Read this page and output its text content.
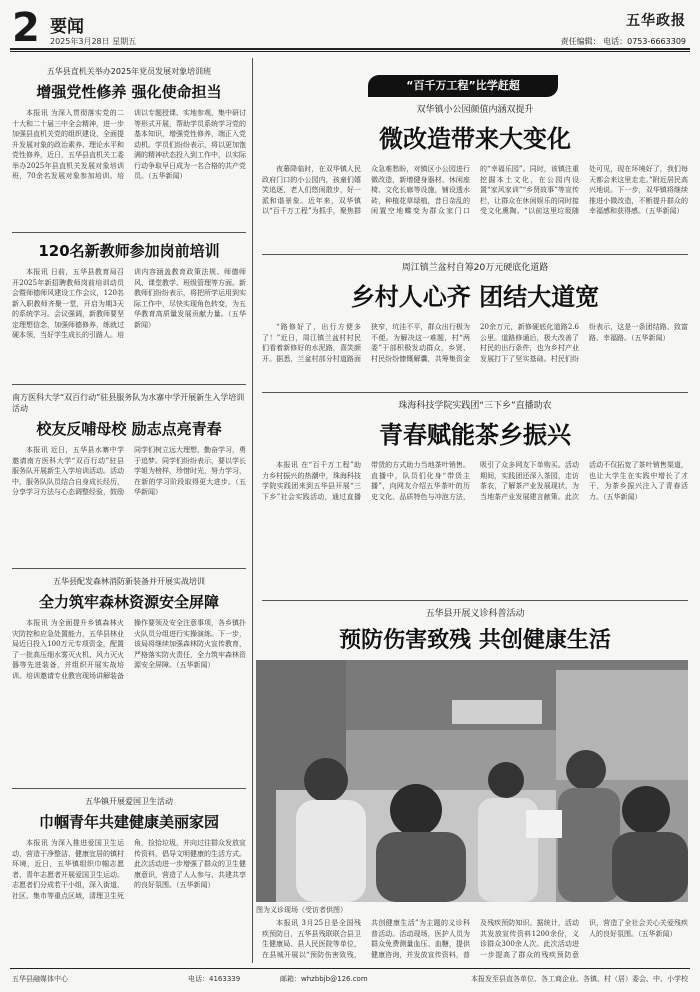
2 要闻
2025年3月28日 星期五
五华政报
责任编辑： 电话：0753-6663309
五华县直机关举办2025年党员发展对象培训班
增强党性修养 强化使命担当

本报讯 为深入贯彻落实党的二十大和二十届三中全会精神，进一步加强县直机关党的组织建设，全面提升发展对象的政治素养、理论水平和党性修养，近日，五华县直机关工委举办2025年县直机关发展对象培训班，70余名发展对象参加培训。培训以专题授课、实地参观、集中研讨等形式开展，帮助学员系统学习党的基本知识，增强党性修养，端正入党动机。学员们纷纷表示，将以更加饱满的精神状态投入到工作中，以实际行动争取早日成为一名合格的共产党员。（五华新闻）

120名新教师参加岗前培训

本报讯 日前，五华县教育局召开2025年新招聘教师岗前培训动员会暨师德师风建设工作会议，120名新入职教师齐聚一堂，开启为期3天的系统学习。会议强调，新教师要坚定理想信念，加强师德修养，练就过硬本领，当好学生成长的引路人。培训内容涵盖教育政策法规、师德师风、课堂教学、班级管理等方面。新教师们纷纷表示，将把所学运用到实际工作中，尽快实现角色转变，为五华教育高质量发展贡献力量。（五华新闻）

南方医科大学“双百行动”驻县服务队为水寨中学开展新生入学培训活动
校友反哺母校 励志点亮青春

本报讯 近日，五华县水寨中学邀请南方医科大学“双百行动”驻县服务队开展新生入学培训活动。活动中，服务队队员结合自身成长经历，分享学习方法与心态调整经验，鼓励同学们树立远大理想，勤奋学习，勇于追梦。同学们纷纷表示，要以学长学姐为榜样，珍惜时光，努力学习，在新的学习阶段取得更大进步。（五华新闻）

五华县配发森林消防新装备并开展实战培训
全力筑牢森林资源安全屏障

本报讯 为全面提升乡镇森林火灾防控和应急处置能力，五华县林业局近日投入100万元专项资金，配置了一批高压细水雾灭火机、风力灭火器等先进装备，并组织开展实战培训。培训邀请专业教官现场讲解装备操作要领及安全注意事项，各乡镇扑火队员分组进行实操演练。下一步，该局将继续加强森林防火宣传教育，严格落实防火责任，全力筑牢森林资源安全屏障。（五华新闻）

五华镇开展爱国卫生活动
巾帼青年共建健康美丽家园

本报讯 为深入推进爱国卫生运动，营造干净整洁、健康宜居的镇村环境，近日，五华镇组织巾帼志愿者、青年志愿者开展爱国卫生运动。志愿者们分成若干小组，深入街道、社区、集市等重点区域，清理卫生死角，捡拾垃圾，并向过往群众发放宣传资料，倡导文明健康的生活方式。此次活动进一步增强了群众的卫生健康意识，营造了人人参与、共建共享的良好氛围。（五华新闻）

“百千万工程”比学赶超
双华镇小公园颜值内涵双提升
微改造带来大变化

夜幕降临时，在双华镇人民政府门口的小公园内，孩童们嬉笑追逐，老人们悠闲散步，好一派和谐景象。近年来，双华镇以“百千万工程”为抓手，聚焦群众急难愁盼，对镇区小公园进行微改造，新增健身器材、休闲座椅、文化长廊等设施，铺设透水砖，种植花草绿植，昔日杂乱的闲置空地蝶变为群众家门口的“幸福乐园”。同时，该镇注重挖掘本土文化，在公园内设置“家风家训”“乡贤故事”等宣传栏，让群众在休闲娱乐的同时接受文化熏陶。“以前这里垃圾随处可见，现在环境好了，我们每天都会来这里走走。”附近居民高兴地说。下一步，双华镇将继续推进小微改造，不断提升群众的幸福感和获得感。（五华新闻）

周江镇兰盆村自筹20万元硬底化道路
乡村人心齐 团结大道宽

“路修好了，出行方便多了！”近日，周江镇兰盆村村民们看着新修好的水泥路，喜笑颜开。据悉，兰盆村部分村道路面狭窄，坑洼不平，群众出行极为不便。为解决这一难题，村“两委”干部积极发动群众，乡贤、村民纷纷慷慨解囊，共筹集资金20余万元，新修硬底化道路2.6公里。道路修通后，极大改善了村民的出行条件，也为乡村产业发展打下了坚实基础。村民们纷纷表示，这是一条团结路、致富路、幸福路。（五华新闻）

珠海科技学院实践团“三下乡”直播助农
青春赋能茶乡振兴

本报讯 在“百千万工程”助力乡村振兴的热潮中，珠海科技学院实践团来到五华县开展“三下乡”社会实践活动，通过直播带货的方式助力当地茶叶销售。直播中，队员们化身“带货主播”，向网友介绍五华茶叶的历史文化、品质特色与冲泡方法，吸引了众多网友下单购买。活动期间，实践团还深入茶园，走访茶农，了解茶产业发展现状，为当地茶产业发展建言献策。此次活动不仅拓宽了茶叶销售渠道，也让大学生在实践中增长了才干，为茶乡振兴注入了青春活力。（五华新闻）

五华县开展义诊科普活动
预防伤害致残 共创健康生活
图为义诊现场（受访者供图）

本报讯 3月25日是全国残疾预防日，五华县残联联合县卫生健康局、县人民医院等单位，在县城开展以“预防伤害致残，共创健康生活”为主题的义诊科普活动。活动现场，医护人员为群众免费测量血压、血糖，提供健康咨询，并发放宣传资料，普及残疾预防知识。据统计，活动共发放宣传资料1200余份，义诊群众300余人次。此次活动进一步提高了群众的残疾预防意识，营造了全社会关心关爱残疾人的良好氛围。（五华新闻）

五华县融媒体中心	电话：4163339	邮箱：whzbbjb@126.com	本报发至县直各单位、各工商企业、各镇、村（居）委会、中、小学校
